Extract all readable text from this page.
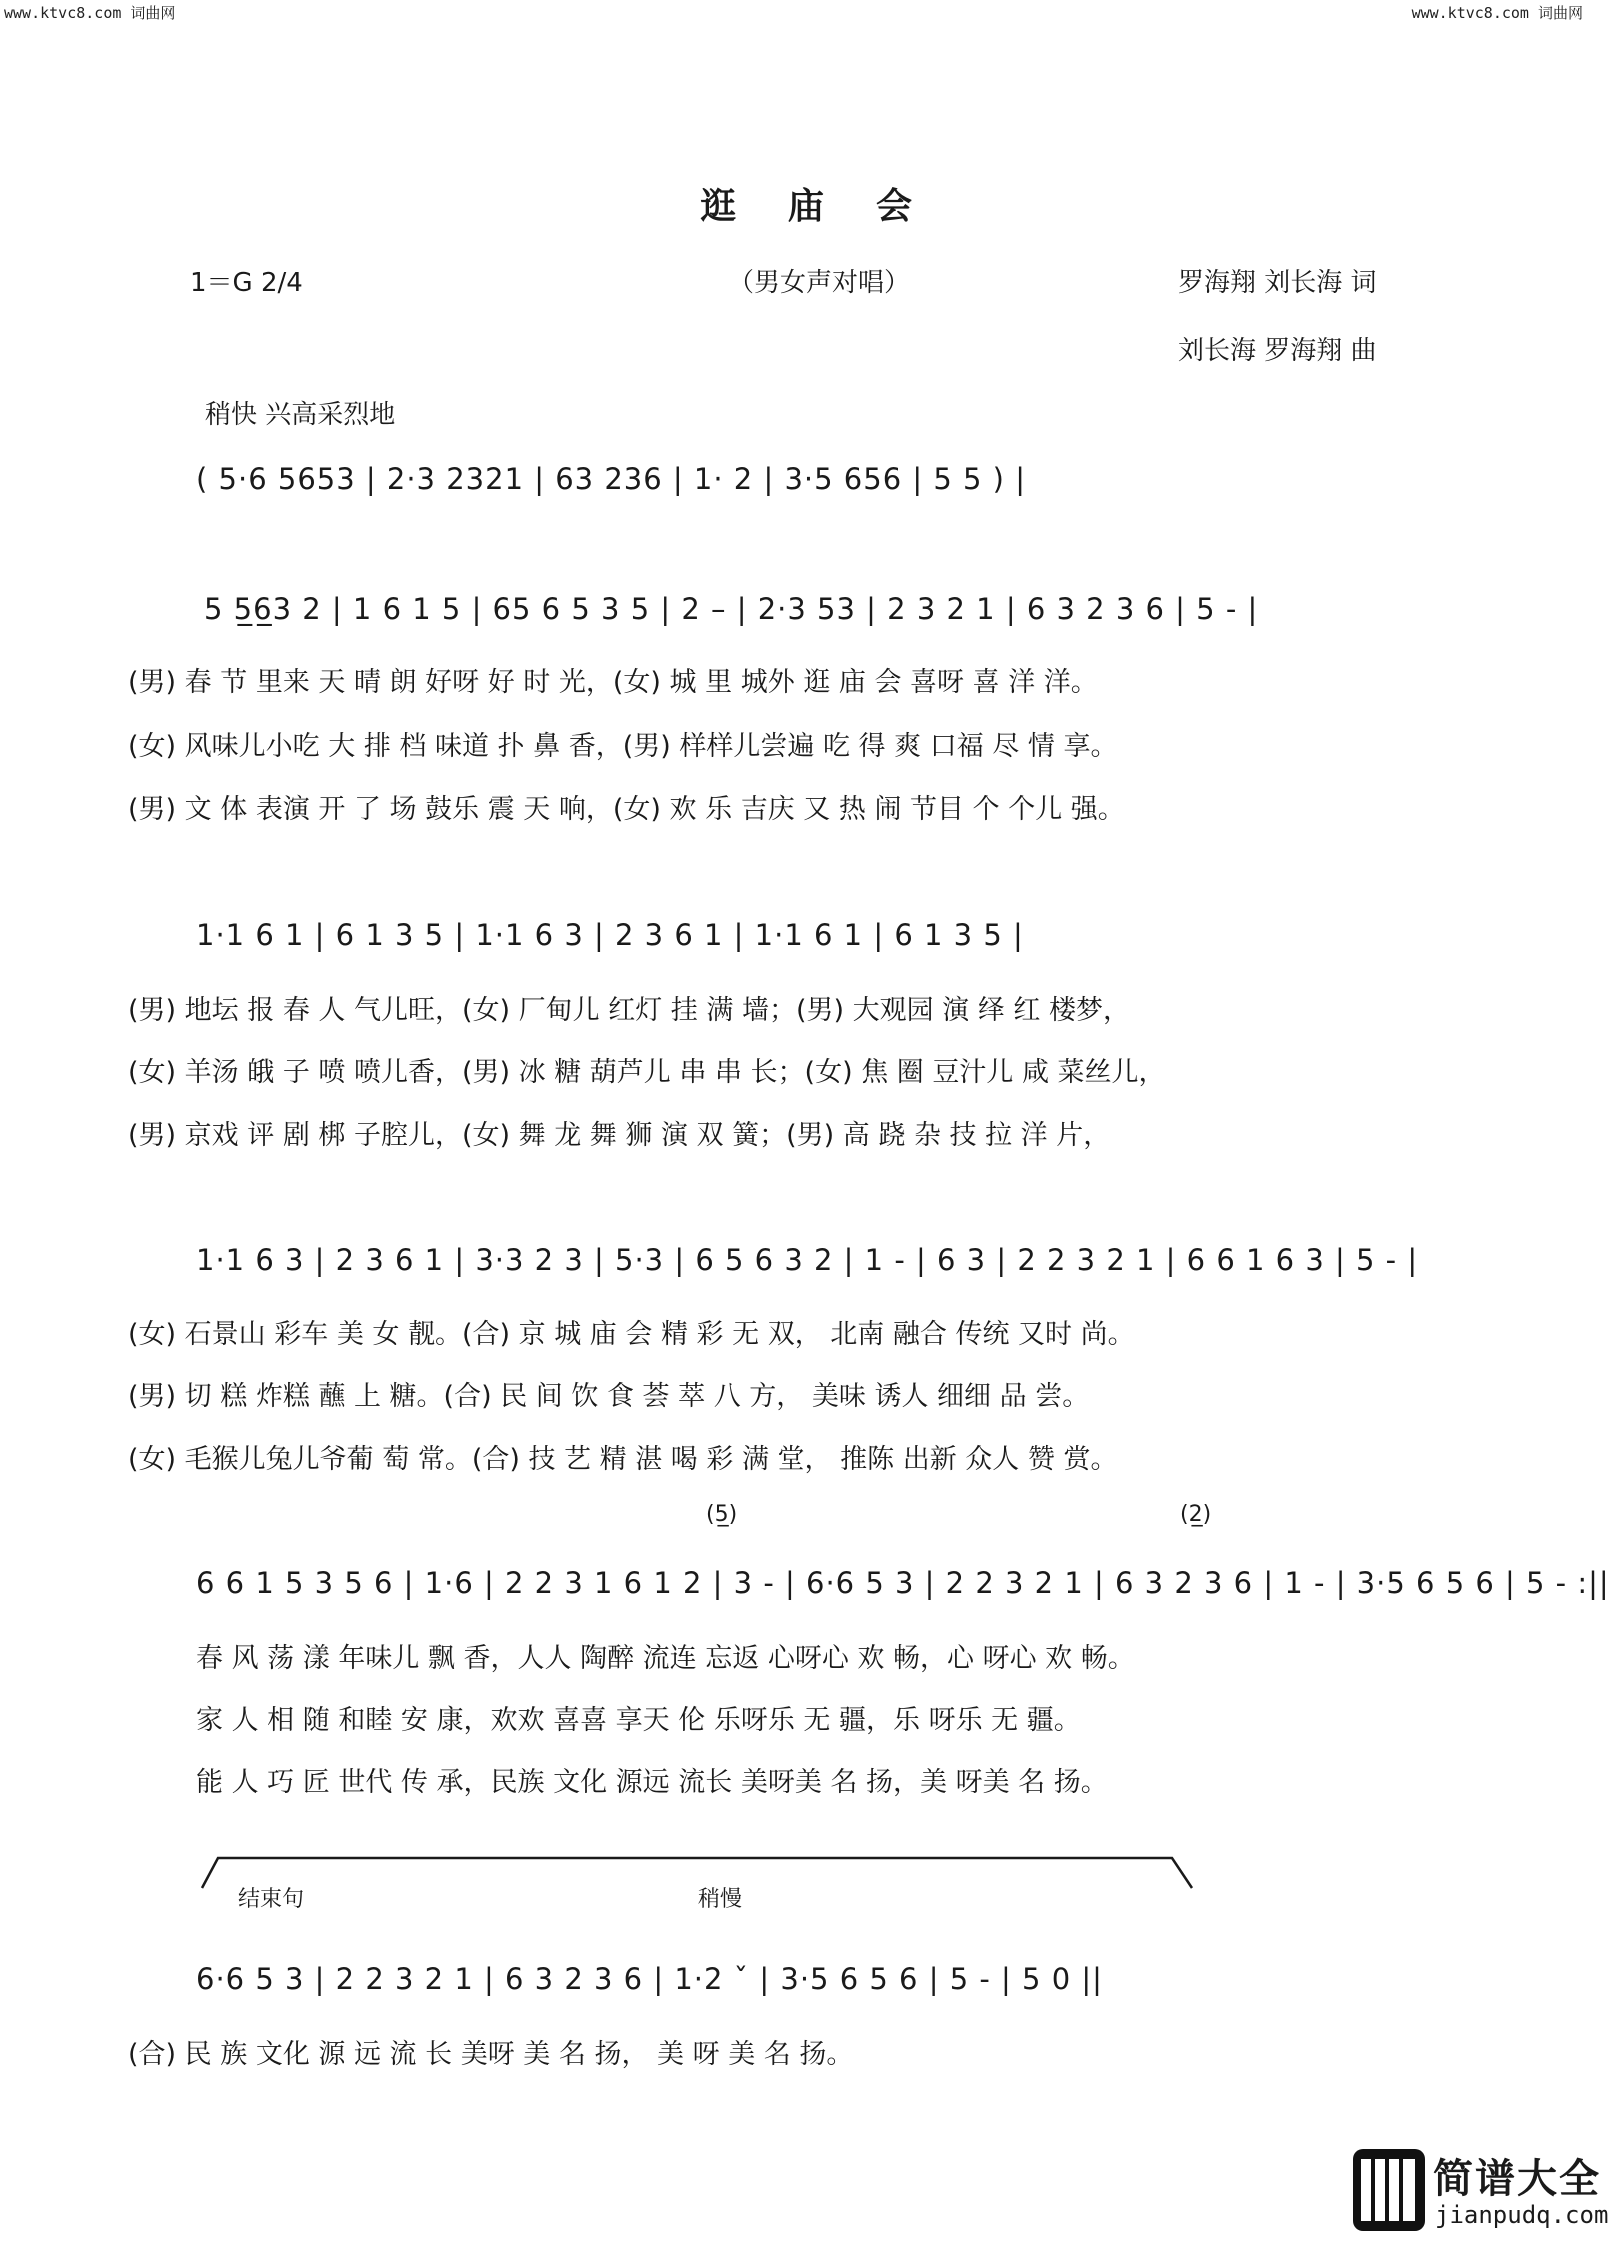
www.ktvc8.com 词曲网	www.ktvc8.com 词曲网
逛庙会
1＝G 2/4	（男女声对唱）	罗海翔 刘长海 词
刘长海 罗海翔 曲
稍快 兴高采烈地
( 5·6 5653 | 2·3 2321 | 63 236 | 1· 2 | 3·5 656 | 5 5 ) |
5 5̲6̲3 2 | 1 6 1 5 | 65 6 5 3 5 | 2 – | 2·3 53 | 2 3 2 1 | 6 3 2 3 6 | 5 - |
(男) 春 节 里来 天 晴 朗 好呀 好 时 光，(女) 城 里 城外 逛 庙 会 喜呀 喜 洋 洋。
(女) 风味儿小吃 大 排 档 味道 扑 鼻 香，(男) 样样儿尝遍 吃 得 爽 口福 尽 情 享。
(男) 文 体 表演 开 了 场 鼓乐 震 天 响，(女) 欢 乐 吉庆 又 热 闹 节目 个 个儿 强。
1·1 6 1 | 6 1 3 5 | 1·1 6 3 | 2 3 6 1 | 1·1 6 1 | 6 1 3 5 |
(男) 地坛 报 春 人 气儿旺，(女) 厂甸儿 红灯 挂 满 墙；(男) 大观园 演 绎 红 楼梦，
(女) 羊汤 皒 子 喷 喷儿香，(男) 冰 糖 葫芦儿 串 串 长；(女) 焦 圈 豆汁儿 咸 菜丝儿，
(男) 京戏 评 剧 梆 子腔儿，(女) 舞 龙 舞 狮 演 双 簧；(男) 高 跷 杂 技 拉 洋 片，
1·1 6 3 | 2 3 6 1 | 3·3 2 3 | 5·3 | 6 5 6 3 2 | 1 - | 6 3 | 2 2 3 2 1 | 6 6 1 6 3 | 5 - |
(女) 石景山 彩车 美 女 靓。(合) 京 城 庙 会 精 彩 无 双， 北南 融合 传统 又时 尚。
(男) 切 糕 炸糕 蘸 上 糖。(合) 民 间 饮 食 荟 萃 八 方， 美味 诱人 细细 品 尝。
(女) 毛猴儿兔儿爷葡 萄 常。(合) 技 艺 精 湛 喝 彩 满 堂， 推陈 出新 众人 赞 赏。
(5̲)	(2̲)
6 6 1 5 3 5 6 | 1·6 | 2 2 3 1 6 1 2 | 3 - | 6·6 5 3 | 2 2 3 2 1 | 6 3 2 3 6 | 1 - | 3·5 6 5 6 | 5 - :||
春 风 荡 漾 年味儿 飘 香，人人 陶醉 流连 忘返 心呀心 欢 畅，心 呀心 欢 畅。
家 人 相 随 和睦 安 康，欢欢 喜喜 享天 伦 乐呀乐 无 疆，乐 呀乐 无 疆。
能 人 巧 匠 世代 传 承，民族 文化 源远 流长 美呀美 名 扬，美 呀美 名 扬。
结束句	稍慢
6·6 5 3 | 2 2 3 2 1 | 6 3 2 3 6 | 1·2 ˇ | 3·5 6 5 6 | 5 - | 5 0 ||
(合) 民 族 文化 源 远 流 长 美呀 美 名 扬， 美 呀 美 名 扬。
简谱大全
jianpudq.com
